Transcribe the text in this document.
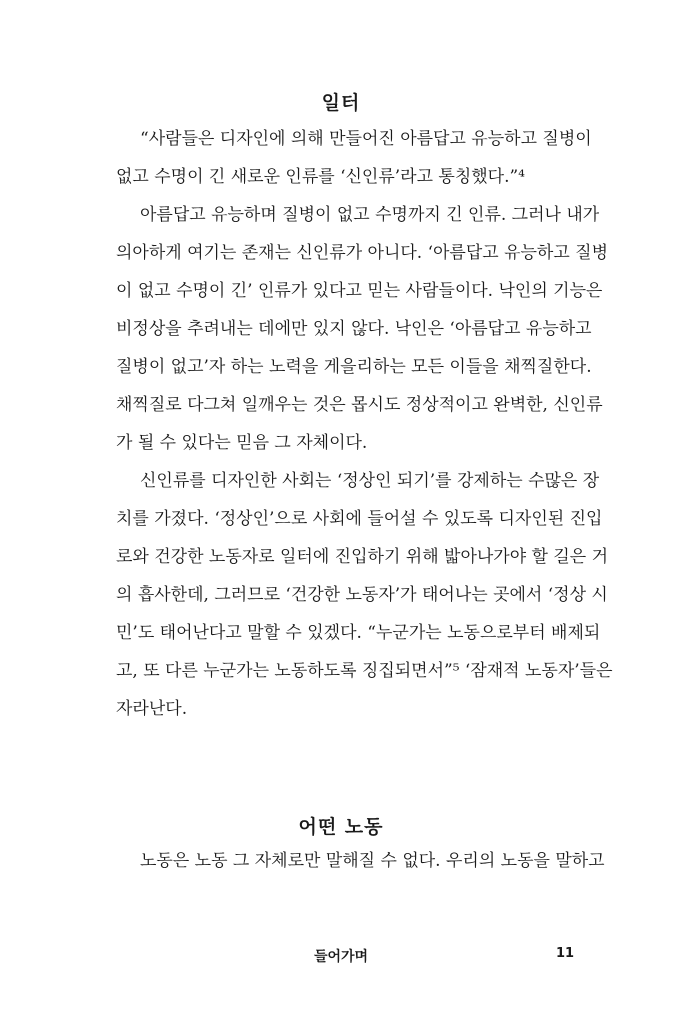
일터
“사람들은 디자인에 의해 만들어진 아름답고 유능하고 질병이
없고 수명이 긴 새로운 인류를 ‘신인류’라고 통칭했다.”⁴
아름답고 유능하며 질병이 없고 수명까지 긴 인류. 그러나 내가
의아하게 여기는 존재는 신인류가 아니다. ‘아름답고 유능하고 질병
이 없고 수명이 긴’ 인류가 있다고 믿는 사람들이다. 낙인의 기능은
비정상을 추려내는 데에만 있지 않다. 낙인은 ‘아름답고 유능하고
질병이 없고’자 하는 노력을 게을리하는 모든 이들을 채찍질한다.
채찍질로 다그쳐 일깨우는 것은 몹시도 정상적이고 완벽한, 신인류
가 될 수 있다는 믿음 그 자체이다.
신인류를 디자인한 사회는 ‘정상인 되기’를 강제하는 수많은 장
치를 가졌다. ‘정상인’으로 사회에 들어설 수 있도록 디자인된 진입
로와 건강한 노동자로 일터에 진입하기 위해 밟아나가야 할 길은 거
의 흡사한데, 그러므로 ‘건강한 노동자’가 태어나는 곳에서 ‘정상 시
민’도 태어난다고 말할 수 있겠다. “누군가는 노동으로부터 배제되
고, 또 다른 누군가는 노동하도록 징집되면서”⁵ ‘잠재적 노동자’들은
자라난다.
어떤 노동
노동은 노동 그 자체로만 말해질 수 없다. 우리의 노동을 말하고
들어가며	11
